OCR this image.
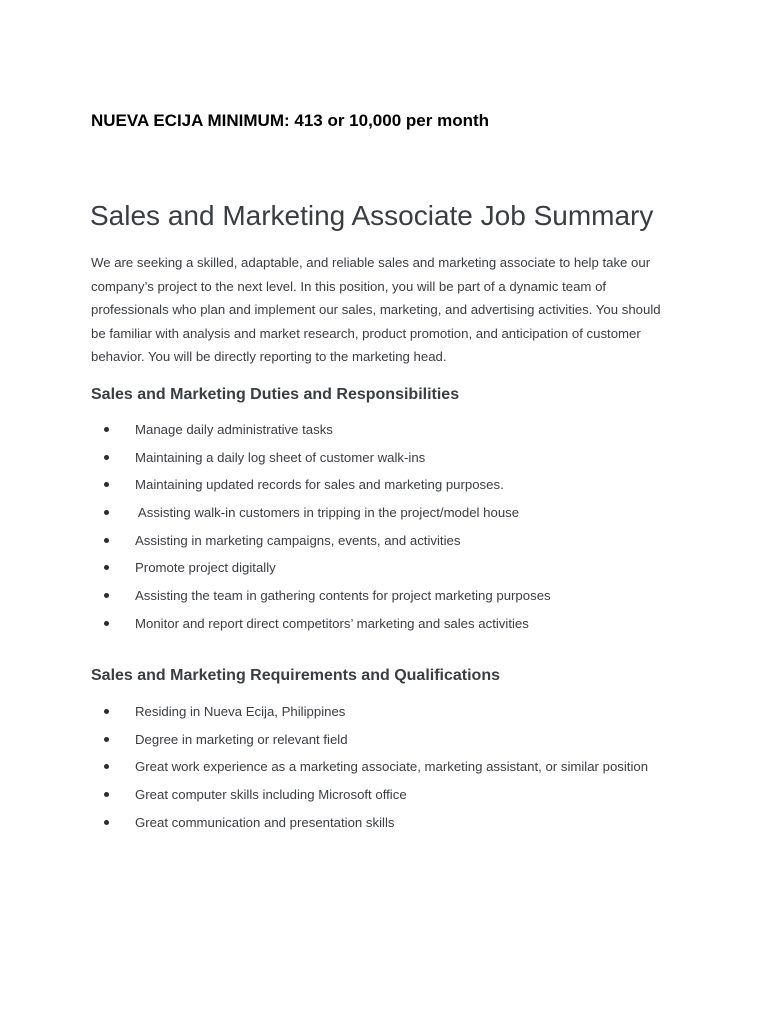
NUEVA ECIJA MINIMUM: 413 or 10,000 per month

Sales and Marketing Associate Job Summary

We are seeking a skilled, adaptable, and reliable sales and marketing associate to help take our company’s project to the next level. In this position, you will be part of a dynamic team of professionals who plan and implement our sales, marketing, and advertising activities. You should be familiar with analysis and market research, product promotion, and anticipation of customer behavior. You will be directly reporting to the marketing head.

Sales and Marketing Duties and Responsibilities
Manage daily administrative tasks
Maintaining a daily log sheet of customer walk-ins
Maintaining updated records for sales and marketing purposes.
Assisting walk-in customers in tripping in the project/model house
Assisting in marketing campaigns, events, and activities
Promote project digitally
Assisting the team in gathering contents for project marketing purposes
Monitor and report direct competitors’ marketing and sales activities
Sales and Marketing Requirements and Qualifications
Residing in Nueva Ecija, Philippines
Degree in marketing or relevant field
Great work experience as a marketing associate, marketing assistant, or similar position
Great computer skills including Microsoft office
Great communication and presentation skills
